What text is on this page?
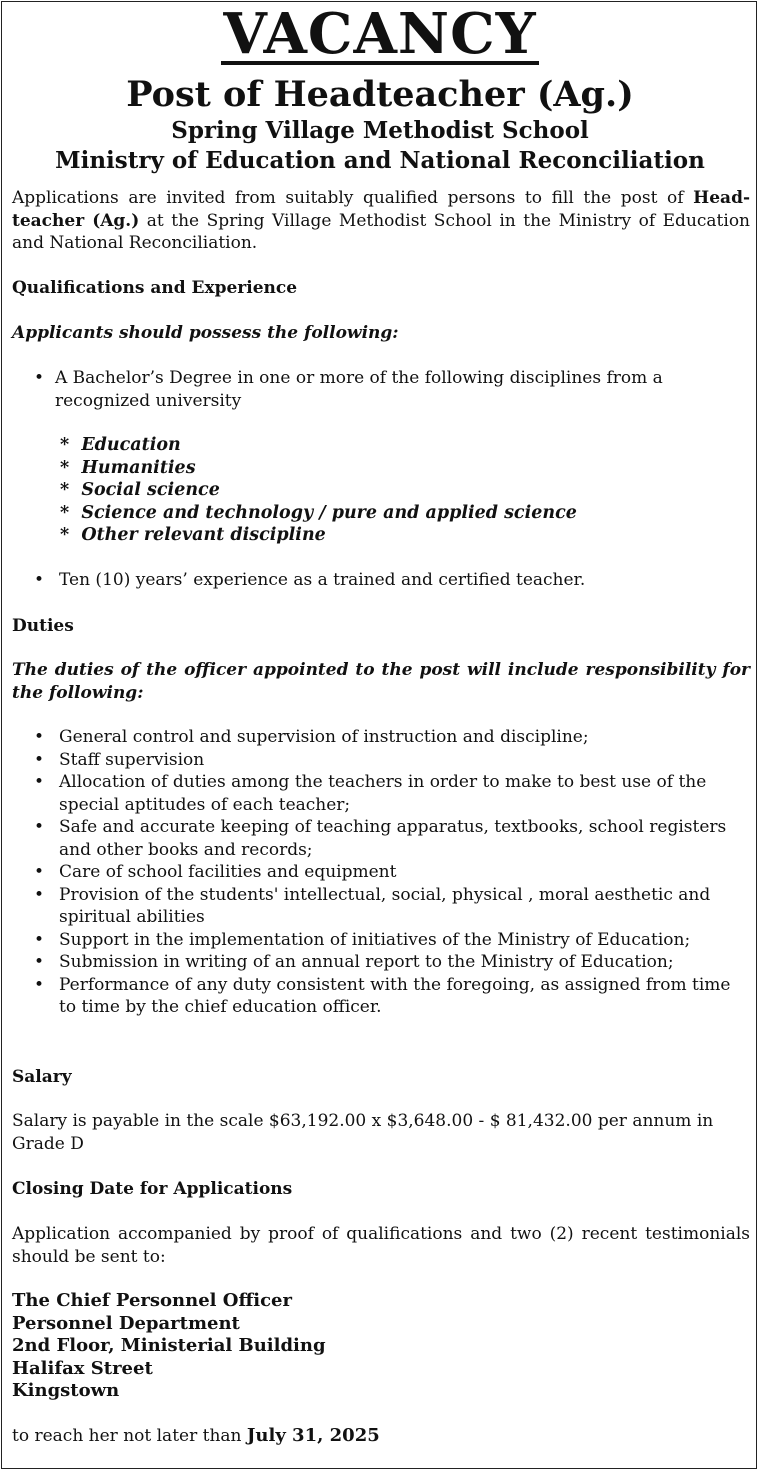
VACANCY
Post of Headteacher (Ag.)
Spring Village Methodist School
Ministry of Education and National Reconciliation
Applications are invited from suitably qualified persons to fill the post of Headteacher (Ag.) at the Spring Village Methodist School in the Ministry of Education and National Reconciliation.
Qualifications and Experience
Applicants should possess the following:
• A Bachelor’s Degree in one or more of the following disciplines from a recognized university
* Education
* Humanities
* Social science
* Science and technology / pure and applied science
* Other relevant discipline
• Ten (10) years’ experience as a trained and certified teacher.
Duties
The duties of the officer appointed to the post will include responsibility for the following:
• General control and supervision of instruction and discipline;
• Staff supervision
• Allocation of duties among the teachers in order to make to best use of the special aptitudes of each teacher;
• Safe and accurate keeping of teaching apparatus, textbooks, school registers and other books and records;
• Care of school facilities and equipment
• Provision of the students' intellectual, social, physical , moral aesthetic and spiritual abilities
• Support in the implementation of initiatives of the Ministry of Education;
• Submission in writing of an annual report to the Ministry of Education;
• Performance of any duty consistent with the foregoing, as assigned from time to time by the chief education officer.
Salary
Salary is payable in the scale $63,192.00 x $3,648.00 - $ 81,432.00 per annum in Grade D
Closing Date for Applications
Application accompanied by proof of qualifications and two (2) recent testimonials should be sent to:
The Chief Personnel Officer
Personnel Department
2nd Floor, Ministerial Building
Halifax Street
Kingstown
to reach her not later than July 31, 2025
